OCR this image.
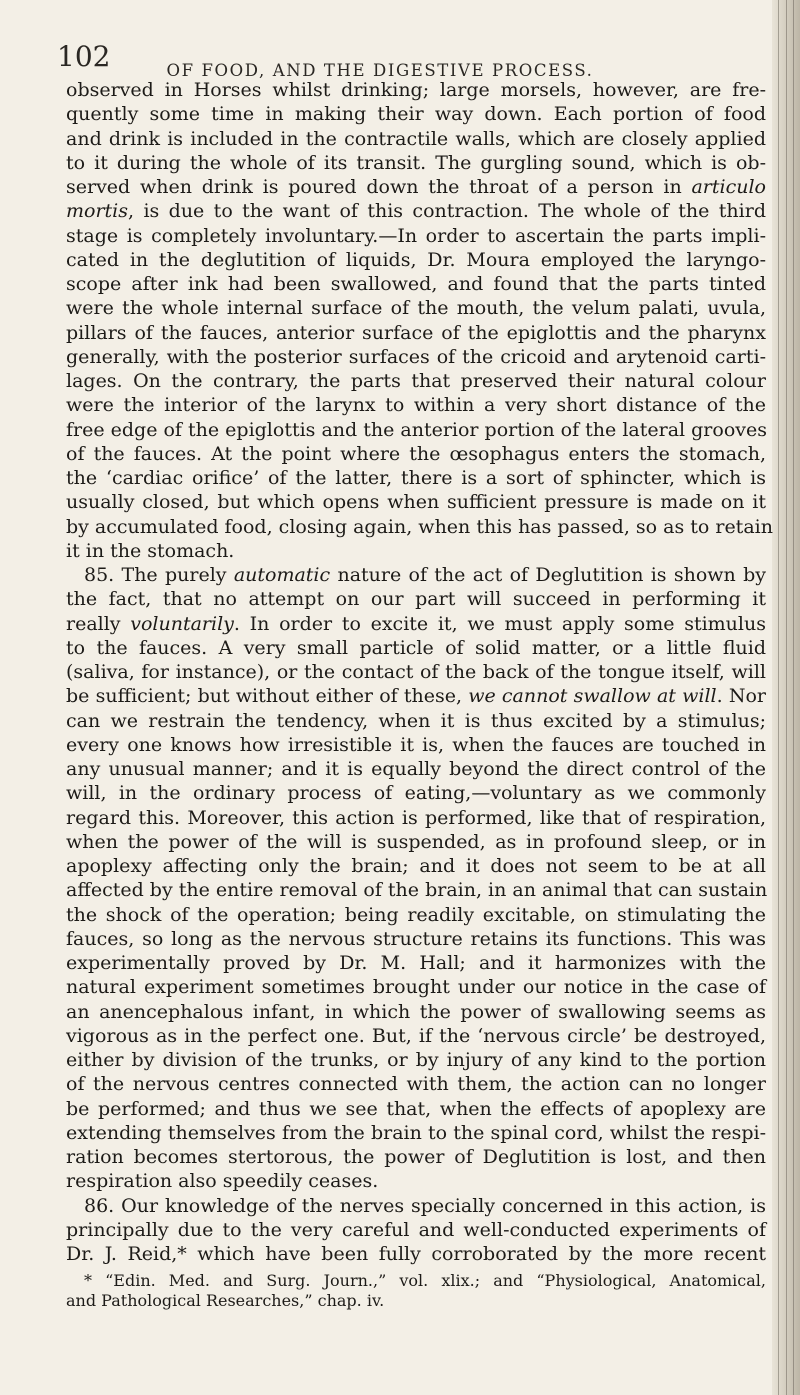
102	OF FOOD, AND THE DIGESTIVE PROCESS.
observed in Horses whilst drinking; large morsels, however, are fre-
quently some time in making their way down. Each portion of food
and drink is included in the contractile walls, which are closely applied
to it during the whole of its transit. The gurgling sound, which is ob-
served when drink is poured down the throat of a person in articulo
mortis, is due to the want of this contraction. The whole of the third
stage is completely involuntary.—In order to ascertain the parts impli-
cated in the deglutition of liquids, Dr. Moura employed the laryngo-
scope after ink had been swallowed, and found that the parts tinted
were the whole internal surface of the mouth, the velum palati, uvula,
pillars of the fauces, anterior surface of the epiglottis and the pharynx
generally, with the posterior surfaces of the cricoid and arytenoid carti-
lages. On the contrary, the parts that preserved their natural colour
were the interior of the larynx to within a very short distance of the
free edge of the epiglottis and the anterior portion of the lateral grooves
of the fauces. At the point where the œsophagus enters the stomach,
the ‘cardiac orifice’ of the latter, there is a sort of sphincter, which is
usually closed, but which opens when sufficient pressure is made on it
by accumulated food, closing again, when this has passed, so as to retain
it in the stomach.
85. The purely automatic nature of the act of Deglutition is shown by
the fact, that no attempt on our part will succeed in performing it
really voluntarily. In order to excite it, we must apply some stimulus
to the fauces. A very small particle of solid matter, or a little fluid
(saliva, for instance), or the contact of the back of the tongue itself, will
be sufficient; but without either of these, we cannot swallow at will. Nor
can we restrain the tendency, when it is thus excited by a stimulus;
every one knows how irresistible it is, when the fauces are touched in
any unusual manner; and it is equally beyond the direct control of the
will, in the ordinary process of eating,—voluntary as we commonly
regard this. Moreover, this action is performed, like that of respiration,
when the power of the will is suspended, as in profound sleep, or in
apoplexy affecting only the brain; and it does not seem to be at all
affected by the entire removal of the brain, in an animal that can sustain
the shock of the operation; being readily excitable, on stimulating the
fauces, so long as the nervous structure retains its functions. This was
experimentally proved by Dr. M. Hall; and it harmonizes with the
natural experiment sometimes brought under our notice in the case of
an anencephalous infant, in which the power of swallowing seems as
vigorous as in the perfect one. But, if the ‘nervous circle’ be destroyed,
either by division of the trunks, or by injury of any kind to the portion
of the nervous centres connected with them, the action can no longer
be performed; and thus we see that, when the effects of apoplexy are
extending themselves from the brain to the spinal cord, whilst the respi-
ration becomes stertorous, the power of Deglutition is lost, and then
respiration also speedily ceases.
86. Our knowledge of the nerves specially concerned in this action, is
principally due to the very careful and well-conducted experiments of
Dr. J. Reid,* which have been fully corroborated by the more recent
* “Edin. Med. and Surg. Journ.,” vol. xlix.; and “Physiological, Anatomical,
and Pathological Researches,” chap. iv.
